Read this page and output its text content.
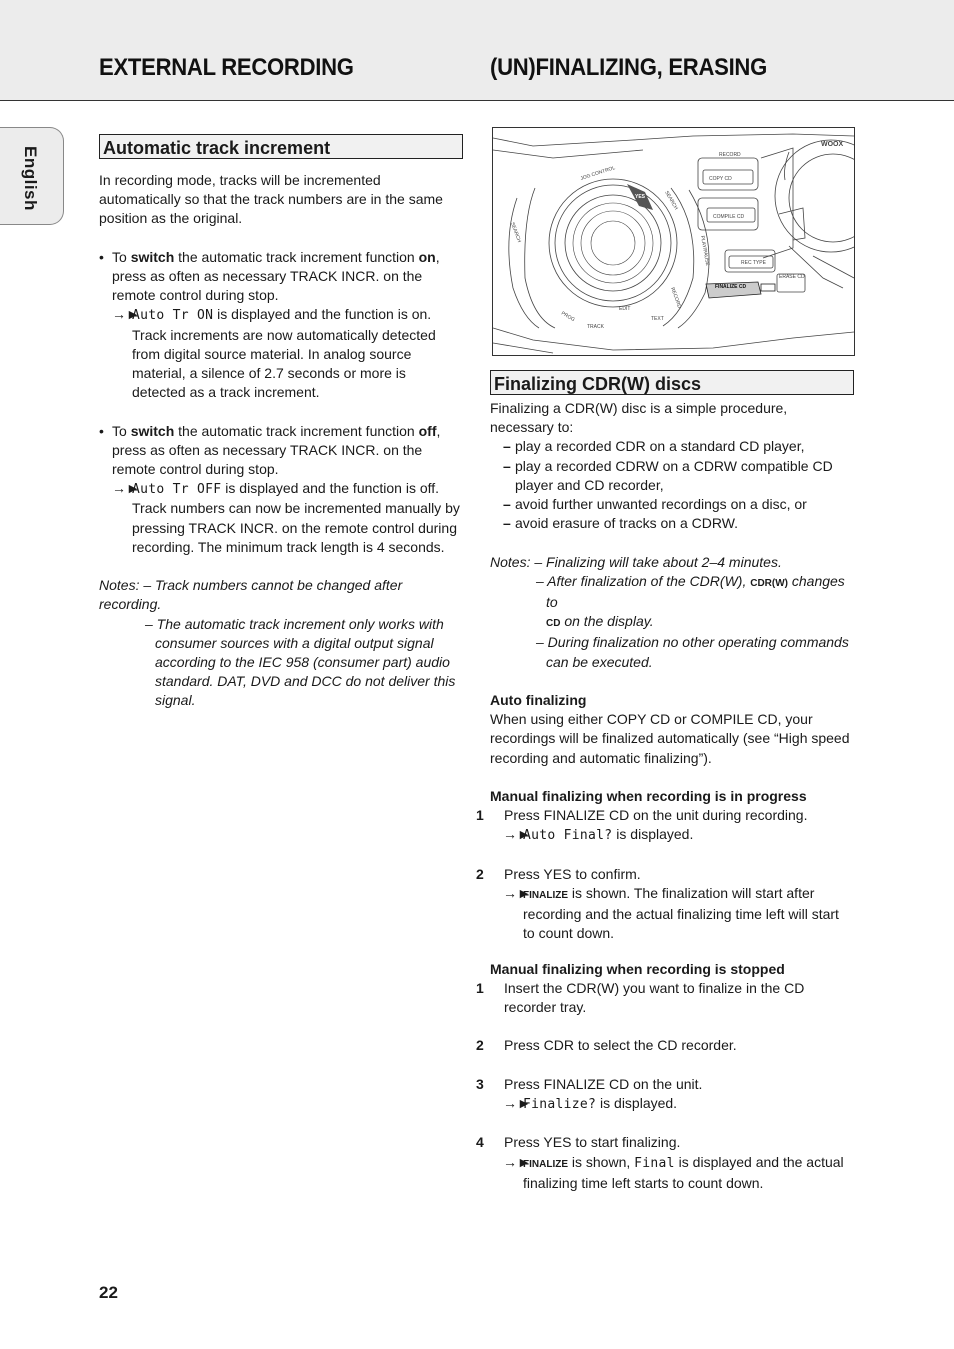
EXTERNAL RECORDING	(UN)FINALIZING, ERASING
English	Automatic track increment

In recording mode, tracks will be incremented automatically so that the track numbers are in the same position as the original.

• To switch the automatic track increment function on, press as often as necessary TRACK INCR. on the remote control during stop.

→►Auto Tr ON is displayed and the function is on. Track increments are now automatically detected from digital source material. In analog source material, a silence of 2.7 seconds or more is detected as a track increment.

• To switch the automatic track increment function off, press as often as necessary TRACK INCR. on the remote control during stop.

→►Auto Tr OFF is displayed and the function is off. Track numbers can now be incremented manually by pressing TRACK INCR. on the remote control during recording. The minimum track length is 4 seconds.

Notes: – Track numbers cannot be changed after recording.

– The automatic track increment only works with consumer sources with a digital output signal according to the IEC 958 (consumer part) audio standard. DAT, DVD and DCC do not deliver this signal.

JOG CONTROL
RECORD
COPY CD
COMPILE CD
REC TYPE
ERASE CD
FINALIZE CD
WOOX
SEARCH
SEARCH
PLAY/PAUSE
RECORD
PROG
TRACK
EDIT
TEXT
YES
Finalizing CDR(W) discs

Finalizing a CDR(W) disc is a simple procedure, necessary to:

– play a recorded CDR on a standard CD player,

– play a recorded CDRW on a CDRW compatible CD player and CD recorder,

– avoid further unwanted recordings on a disc, or

– avoid erasure of tracks on a CDRW.

Notes: – Finalizing will take about 2–4 minutes.

– After finalization of the CDR(W), CDR(W) changes to
CD on the display.

– During finalization no other operating commands can be executed.

Auto finalizing

When using either COPY CD or COMPILE CD, your recordings will be finalized automatically (see “High speed recording and automatic finalizing”).

Manual finalizing when recording is in progress

1 Press FINALIZE CD on the unit during recording.

→►Auto Final? is displayed.

2 Press YES to confirm.

→►FINALIZE is shown. The finalization will start after recording and the actual finalizing time left will start to count down.

Manual finalizing when recording is stopped

1 Insert the CDR(W) you want to finalize in the CD recorder tray.

2 Press CDR to select the CD recorder.

3 Press FINALIZE CD on the unit.

→►Finalize? is displayed.

4 Press YES to start finalizing.

→►FINALIZE is shown, Final is displayed and the actual finalizing time left starts to count down.

22
